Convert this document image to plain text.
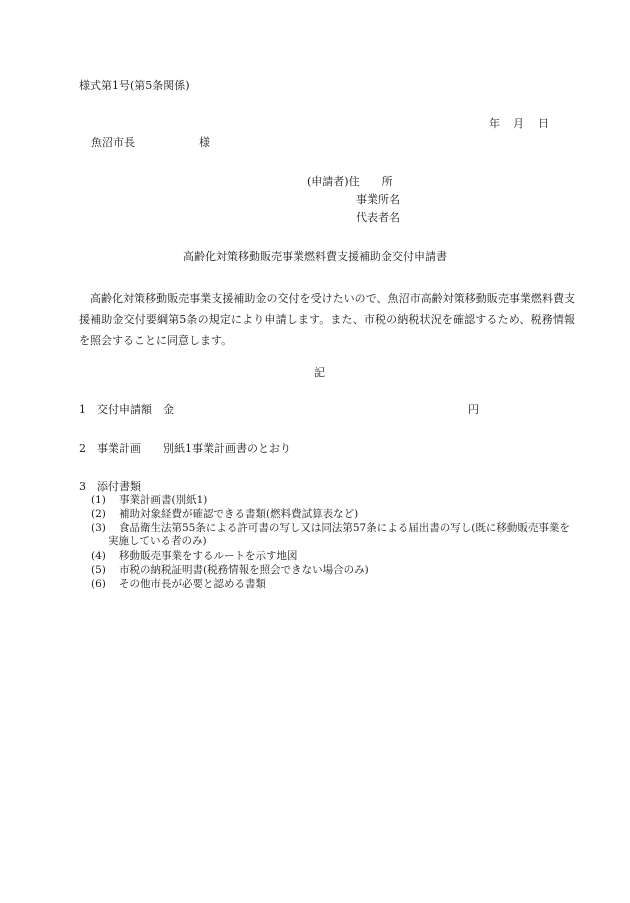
様式第1号(第5条関係)
年 月 日
魚沼市長	様
(申請者)住　　所
事業所名
代表者名
高齢化対策移動販売事業燃料費支援補助金交付申請書
高齢化対策移動販売事業支援補助金の交付を受けたいので、魚沼市高齢対策移動販売事業燃料費支援補助金交付要綱第5条の規定により申請します。また、市税の納税状況を確認するため、税務情報を照会することに同意します。
記
1　交付申請額　金	円
2　事業計画　　別紙1事業計画書のとおり
3　添付書類
(1) 事業計画書(別紙1)
(2) 補助対象経費が確認できる書類(燃料費試算表など)
(3) 食品衛生法第55条による許可書の写し又は同法第57条による届出書の写し(既に移動販売事業を実施している者のみ)
(4) 移動販売事業をするルートを示す地図
(5) 市税の納税証明書(税務情報を照会できない場合のみ)
(6) その他市長が必要と認める書類
